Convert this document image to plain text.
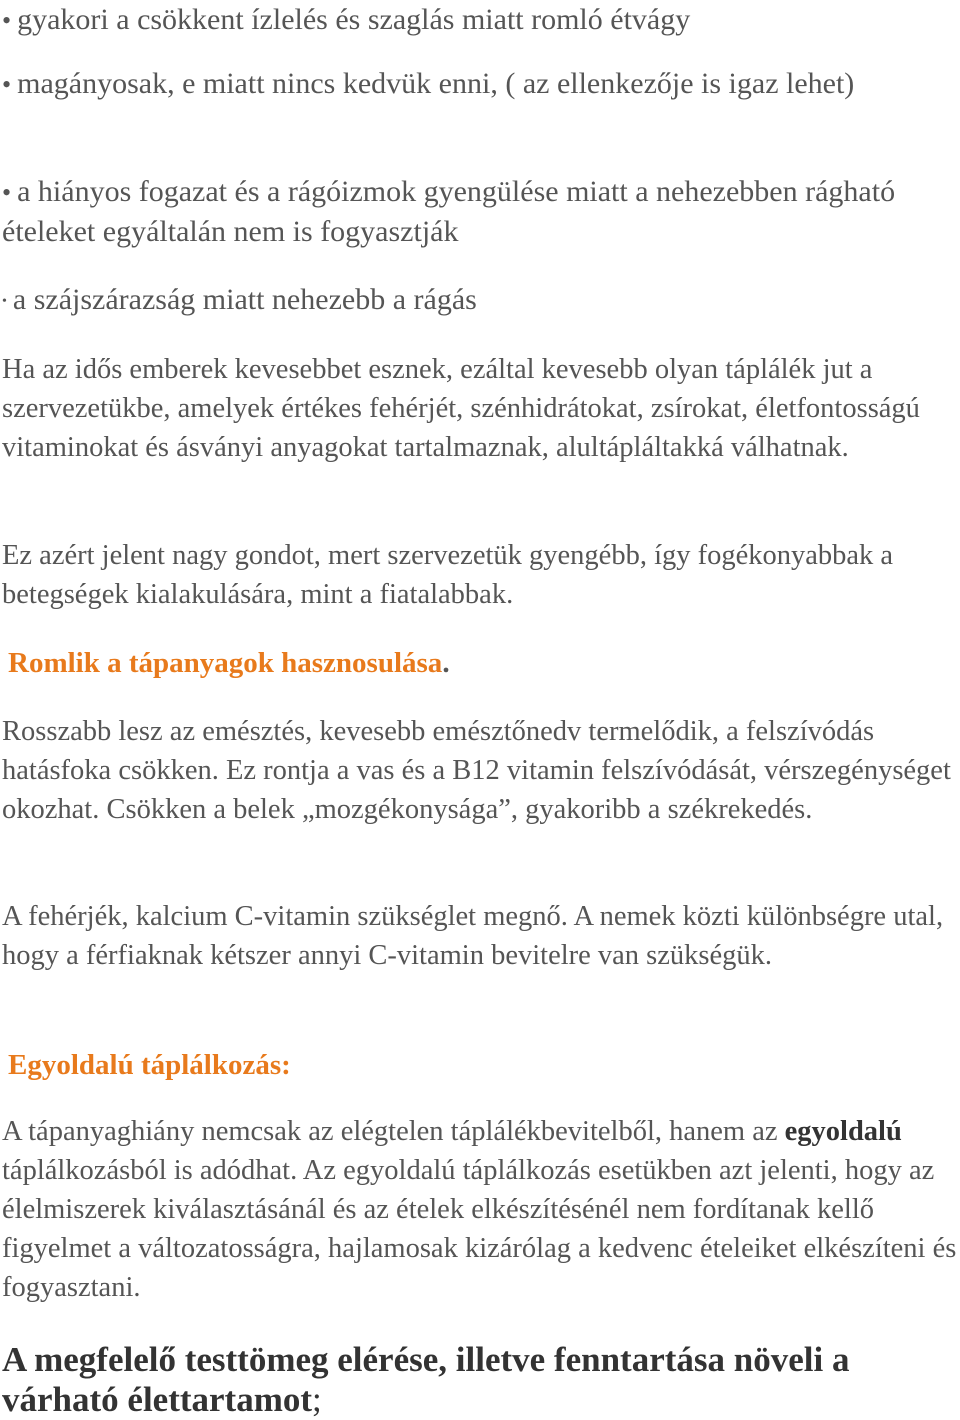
• gyakori a csökkent ízlelés és szaglás miatt romló étvágy

• magányosak, e miatt nincs kedvük enni, ( az ellenkezője is igaz lehet)

• a hiányos fogazat és a rágóizmok gyengülése miatt a nehezebben rágható ételeket egyáltalán nem is fogyasztják

• a szájszárazság miatt nehezebb a rágás

Ha az idős emberek kevesebbet esznek, ezáltal kevesebb olyan táplálék jut a szervezetükbe, amelyek értékes fehérjét, szénhidrátokat, zsírokat, életfontosságú vitaminokat és ásványi anyagokat tartalmaznak, alultápláltakká válhatnak.

Ez azért jelent nagy gondot, mert szervezetük gyengébb, így fogékonyabbak a betegségek kialakulására, mint a fiatalabbak.

Romlik a tápanyagok hasznosulása.

Rosszabb lesz az emésztés, kevesebb emésztőnedv termelődik, a felszívódás hatásfoka csökken. Ez rontja a vas és a B12 vitamin felszívódását, vérszegénységet okozhat. Csökken a belek „mozgékonysága”, gyakoribb a székrekedés.

A fehérjék, kalcium C-vitamin szükséglet megnő. A nemek közti különbségre utal, hogy a férfiaknak kétszer annyi C-vitamin bevitelre van szükségük.

Egyoldalú táplálkozás:

A tápanyaghiány nemcsak az elégtelen táplálékbevitelből, hanem az egyoldalú táplálkozásból is adódhat. Az egyoldalú táplálkozás esetükben azt jelenti, hogy az élelmiszerek kiválasztásánál és az ételek elkészítésénél nem fordítanak kellő figyelmet a változatosságra, hajlamosak kizárólag a kedvenc ételeiket elkészíteni és fogyasztani.

A megfelelő testtömeg elérése, illetve fenntartása növeli a várható élettartamot;
